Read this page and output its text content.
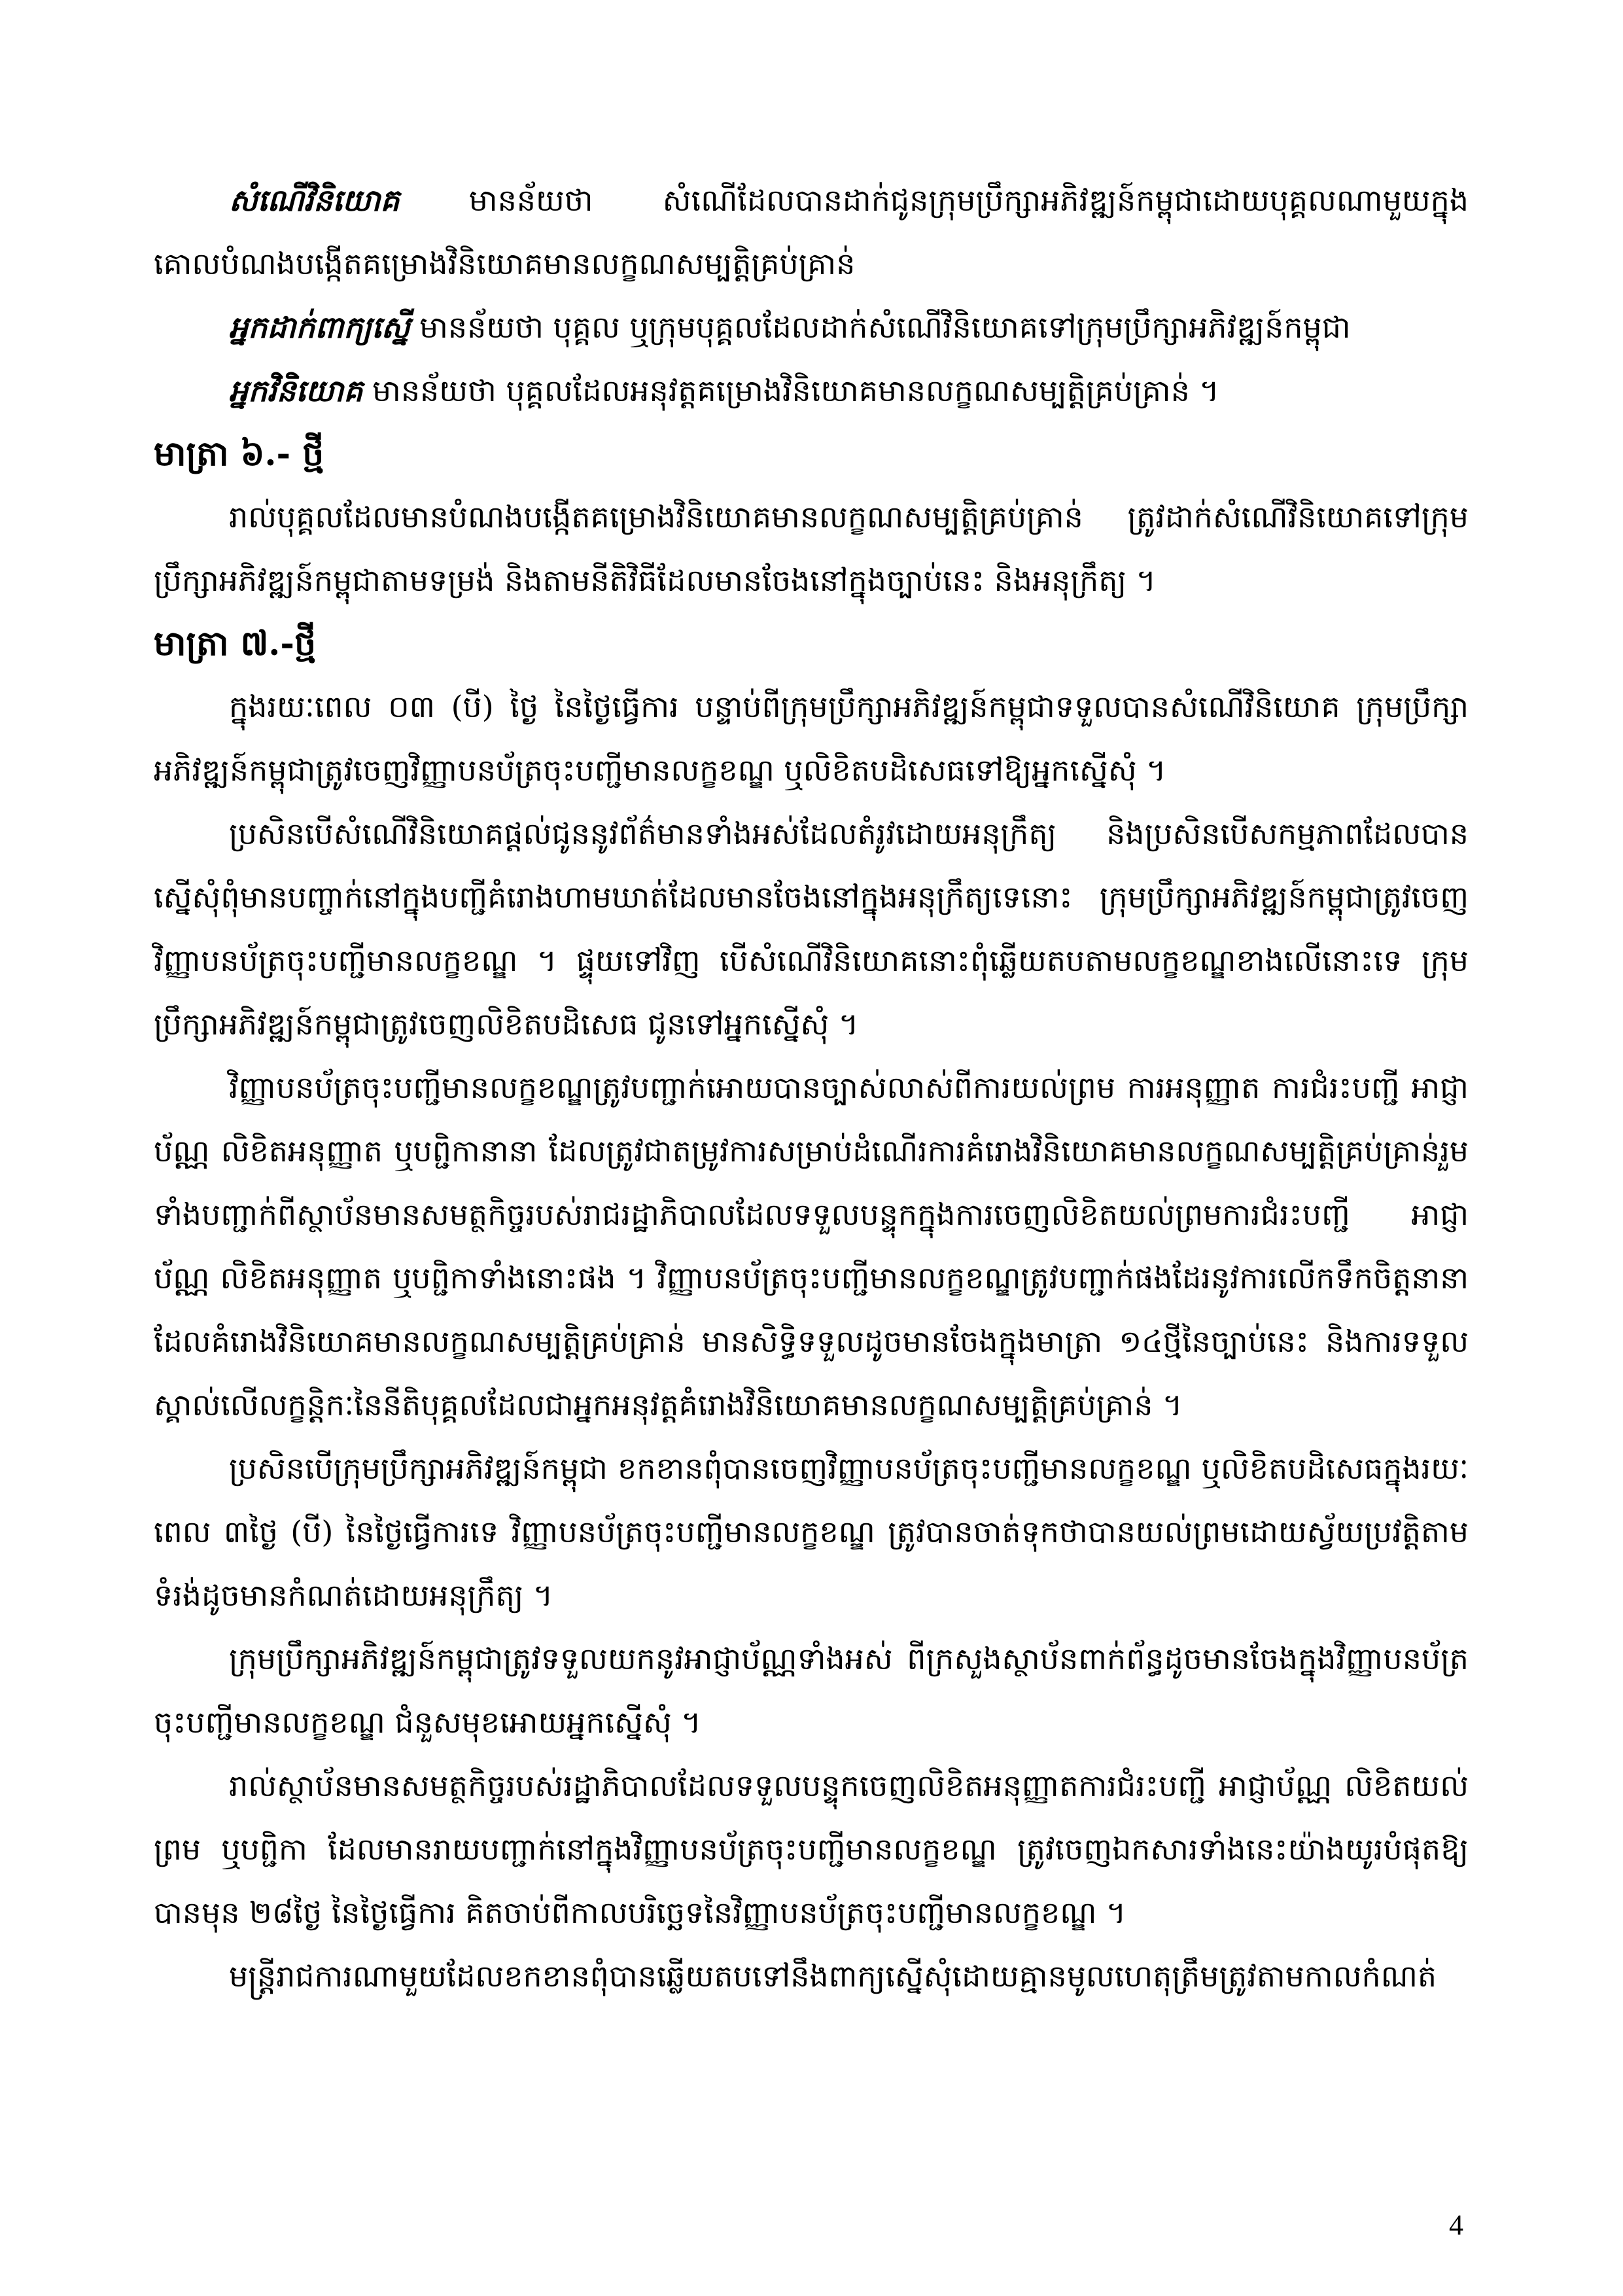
សំណើវិនិយោគ មានន័យថា សំណើដែលបានដាក់ជូនក្រុមប្រឹក្សាអភិវឌ្ឍន៍កម្ពុជាដោយបុគ្គលណាមួយក្នុងគោលបំណងបង្កើតគម្រោងវិនិយោគមានលក្ខណសម្បត្តិគ្រប់គ្រាន់

អ្នកដាក់ពាក្យស្នើ មានន័យថា បុគ្គល ឬក្រុមបុគ្គលដែលដាក់សំណើវិនិយោគទៅក្រុមប្រឹក្សាអភិវឌ្ឍន៍កម្ពុជា

អ្នកវិនិយោគ មានន័យថា បុគ្គលដែលអនុវត្តគម្រោងវិនិយោគមានលក្ខណសម្បត្តិគ្រប់គ្រាន់ ។

មាត្រា ៦.- ថ្មី

រាល់បុគ្គលដែលមានបំណងបង្កើតគម្រោងវិនិយោគមានលក្ខណសម្បត្តិគ្រប់គ្រាន់ ត្រូវដាក់សំណើវិនិយោគទៅក្រុមប្រឹក្សាអភិវឌ្ឍន៍កម្ពុជាតាមទម្រង់ និងតាមនីតិវិធីដែលមានចែងនៅក្នុងច្បាប់នេះ និងអនុក្រឹត្យ ។

មាត្រា ៧.-ថ្មី

ក្នុងរយៈពេល ០៣ (បី) ថ្ងៃ នៃថ្ងៃធ្វើការ បន្ទាប់ពីក្រុមប្រឹក្សាអភិវឌ្ឍន៍កម្ពុជាទទួលបានសំណើវិនិយោគ ក្រុមប្រឹក្សាអភិវឌ្ឍន៍កម្ពុជាត្រូវចេញវិញ្ញាបនប័ត្រចុះបញ្ជីមានលក្ខខណ្ឌ ឬលិខិតបដិសេធទៅឱ្យអ្នកស្នើសុំ ។

ប្រសិនបើសំណើវិនិយោគផ្តល់ជូននូវព័ត៌មានទាំងអស់ដែលតំរូវដោយអនុក្រឹត្យ និងប្រសិនបើសកម្មភាពដែលបានស្នើសុំពុំមានបញ្ចាក់នៅក្នុងបញ្ជីគំរោងហាមឃាត់ដែលមានចែងនៅក្នុងអនុក្រឹត្យទេនោះ ក្រុមប្រឹក្សាអភិវឌ្ឍន៍កម្ពុជាត្រូវចេញវិញ្ញាបនប័ត្រចុះបញ្ជីមានលក្ខខណ្ឌ ។ ផ្ទុយទៅវិញ បើសំណើវិនិយោគនោះពុំឆ្លើយតបតាមលក្ខខណ្ឌខាងលើនោះទេ ក្រុមប្រឹក្សាអភិវឌ្ឍន៍កម្ពុជាត្រូវចេញលិខិតបដិសេធ ជូនទៅអ្នកស្នើសុំ ។

វិញ្ញាបនប័ត្រចុះបញ្ជីមានលក្ខខណ្ឌត្រូវបញ្ជាក់អោយបានច្បាស់លាស់ពីការយល់ព្រម ការអនុញ្ញាត ការជំរះបញ្ជី អាជ្ញាប័ណ្ណ លិខិតអនុញ្ញាត ឬបព្ជិកានានា ដែលត្រូវជាតម្រូវការសម្រាប់ដំណើរការគំរោងវិនិយោគមានលក្ខណសម្បត្តិគ្រប់គ្រាន់រួមទាំងបញ្ជាក់ពីស្ថាប័នមានសមត្ថកិច្ចរបស់រាជរដ្ឋាភិបាលដែលទទួលបន្ទុកក្នុងការចេញលិខិតយល់ព្រមការជំរះបញ្ជី អាជ្ញាប័ណ្ណ លិខិតអនុញ្ញាត ឬបព្ជិកាទាំងនោះផង ។ វិញ្ញាបនប័ត្រចុះបញ្ជីមានលក្ខខណ្ឌត្រូវបញ្ជាក់ផងដែរនូវការលើកទឹកចិត្តនានា ដែលគំរោងវិនិយោគមានលក្ខណសម្បត្តិគ្រប់គ្រាន់ មានសិទ្ធិទទួលដូចមានចែងក្នុងមាត្រា ១៤ថ្មីនៃច្បាប់នេះ និងការទទួលស្គាល់លើលក្ខន្តិកៈនៃនីតិបុគ្គលដែលជាអ្នកអនុវត្តគំរោងវិនិយោគមានលក្ខណសម្បត្តិគ្រប់គ្រាន់ ។

ប្រសិនបើក្រុមប្រឹក្សាអភិវឌ្ឍន៍កម្ពុជា ខកខានពុំបានចេញវិញ្ញាបនប័ត្រចុះបញ្ជីមានលក្ខខណ្ឌ ឬលិខិតបដិសេធក្នុងរយៈពេល ៣ថ្ងៃ (បី) នៃថ្ងៃធ្វើការទេ វិញ្ញាបនប័ត្រចុះបញ្ជីមានលក្ខខណ្ឌ ត្រូវបានចាត់ទុកថាបានយល់ព្រមដោយស្វ័យប្រវត្តិតាមទំរង់ដូចមានកំណត់ដោយអនុក្រឹត្យ ។

ក្រុមប្រឹក្សាអភិវឌ្ឍន៍កម្ពុជាត្រូវទទួលយកនូវអាជ្ញាប័ណ្ណទាំងអស់ ពីក្រសួងស្ថាប័នពាក់ព័ន្ធដូចមានចែងក្នុងវិញ្ញាបនប័ត្រចុះបញ្ជីមានលក្ខខណ្ឌ ជំនួសមុខអោយអ្នកស្នើសុំ ។

រាល់ស្ថាប័នមានសមត្ថកិច្ចរបស់រដ្ឋាភិបាលដែលទទួលបន្ទុកចេញលិខិតអនុញ្ញាតការជំរះបញ្ជី អាជ្ញាប័ណ្ណ លិខិតយល់ព្រម ឬបព្ជិកា ដែលមានរាយបញ្ជាក់នៅក្នុងវិញ្ញាបនប័ត្រចុះបញ្ជីមានលក្ខខណ្ឌ ត្រូវចេញឯកសារទាំងនេះយ៉ាងយូរបំផុតឱ្យបានមុន ២៨ថ្ងៃ នៃថ្ងៃធ្វើការ គិតចាប់ពីកាលបរិច្ឆេទនៃវិញ្ញាបនប័ត្រចុះបញ្ជីមានលក្ខខណ្ឌ ។

មន្ត្រីរាជការណាមួយដែលខកខានពុំបានឆ្លើយតបទៅនឹងពាក្យស្នើសុំដោយគ្មានមូលហេតុត្រឹមត្រូវតាមកាលកំណត់

4
